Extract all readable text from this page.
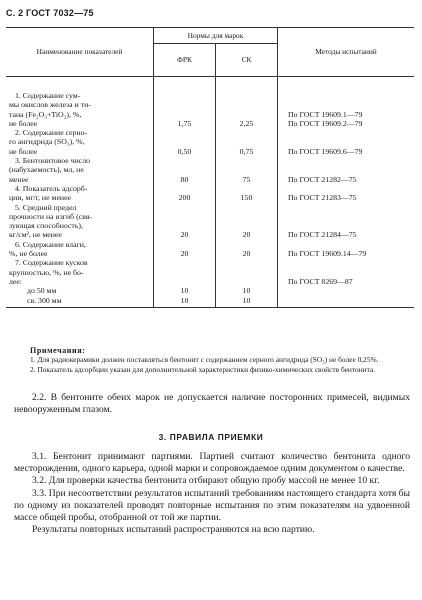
С. 2 ГОСТ 7032—75
Наименование показателей	Нормы для марок		Методы испытаний
	ФРК	СК	

1. Содержание сум-
мы окислов железа и ти-
тана (Fe₂O₃+TiO₂), %,
не более	1,75	2,25	По ГОСТ 19609.1—79
По ГОСТ 19609.2—79

2. Содержание серно-
го ангидрида (SO₃), %,
не более	0,50	0,75	По ГОСТ 19609.6—79

3. Бентонитовое число
(набухаемость), мл, не
менее	80	75	По ГОСТ 21282—75

4. Показатель адсорб-
ции, мг/г, не менее	200	150	По ГОСТ 21283—75

5. Средний предел
прочности на изгиб (свя-
зующая способность),
кг/см², не менее	20	20	По ГОСТ 21284—75

6. Содержание влаги,
%, не более	20	20	По ГОСТ 19609.14—79

7. Содержание кусков
крупностью, %, не бо-
лее:			По ГОСТ 8269—87

до 50 мм	10	10	

св. 300 мм	10	10	
Примечания:

1. Для радиокерамики должен поставляться бентонит с содержанием серного ангидрида (SO₃) не более 0,25%.

2. Показатель адсорбции указан для дополнительной характеристики физико-химических свойств бентонита.

2.2. В бентоните обеих марок не допускается наличие посторонних примесей, видимых невооруженным глазом.

3. ПРАВИЛА ПРИЕМКИ

3.1. Бентонит принимают партиями. Партией считают количество бентонита одного месторождения, одного карьера, одной марки и сопровождаемое одним документом о качестве.

3.2. Для проверки качества бентонита отбирают общую пробу массой не менее 10 кг.

3.3. При несоответствии результатов испытаний требованиям настоящего стандарта хотя бы по одному из показателей проводят повторные испытания по этим показателям на удвоенной массе общей пробы, отобранной от той же партии.

Результаты повторных испытаний распространяются на всю партию.
